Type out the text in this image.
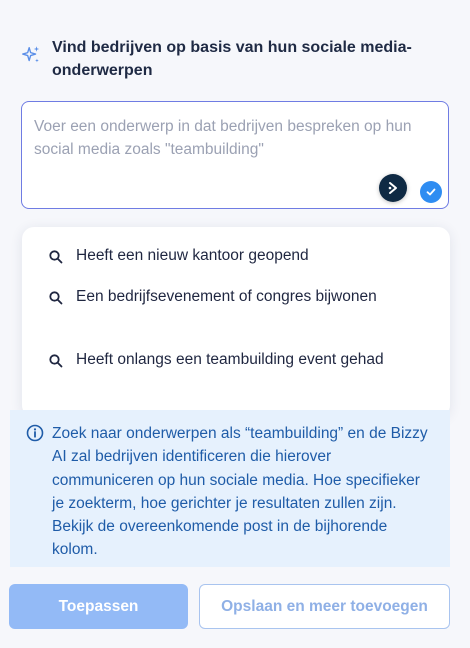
Vind bedrijven op basis van hun sociale media-onderwerpen
Voer een onderwerp in dat bedrijven bespreken op hun social media zoals "teambuilding"
Heeft een nieuw kantoor geopend
Een bedrijfsevenement of congres bijwonen
Heeft onlangs een teambuilding event gehad
Zoek naar onderwerpen als “teambuilding” en de Bizzy AI zal bedrijven identificeren die hierover communiceren op hun sociale media. Hoe specifieker je zoekterm, hoe gerichter je resultaten zullen zijn. Bekijk de overeenkomende post in de bijhorende kolom.
Toepassen	Opslaan en meer toevoegen
